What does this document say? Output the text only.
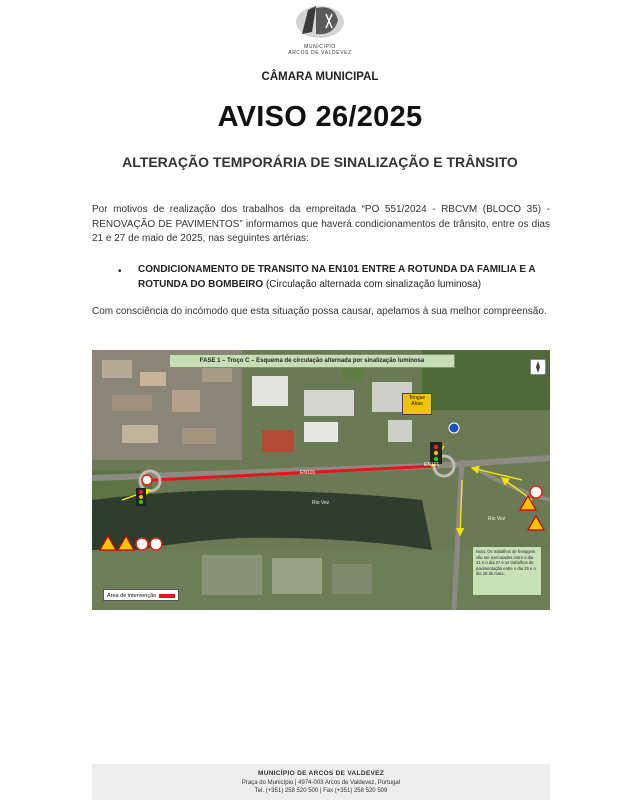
MUNICÍPIO
ARCOS DE VALDEVEZ
CÂMARA MUNICIPAL
AVISO 26/2025
ALTERAÇÃO TEMPORÁRIA DE SINALIZAÇÃO E TRÂNSITO
Por motivos de realização dos trabalhos da empreitada “PO 551/2024 - RBCVM (BLOCO 35) - RENOVAÇÃO DE PAVIMENTOS” informamos que haverá condicionamentos de trânsito, entre os dias 21 e 27 de maio de 2025, nas seguintes artérias:
• CONDICIONAMENTO DE TRANSITO NA EN101 ENTRE A ROTUNDA DA FAMILIA E A ROTUNDA DO BOMBEIRO (Circulação alternada com sinalização luminosa)
Com consciência do incómodo que esta situação possa causar, apelamos à sua melhor compreensão.
FASE 1 – Troço C – Esquema de circulação alternada por sinalização luminosa
Tongue
Ahas
EN101
EN101
Rio Vez
Rio Vez
Nota: Os trabalhos de fresagem vão ser executados entre o dia 21 e o dia 27 e os trabalhos de pavimentação entre o dia 25 e o dia 26 de maio.
Área de intervenção
MUNICÍPIO DE ARCOS DE VALDEVEZ
Praça do Município | 4974-003 Arcos de Valdevez, Portugal
Tel. (+351) 258 520 500 | Fax (+351) 258 520 509
